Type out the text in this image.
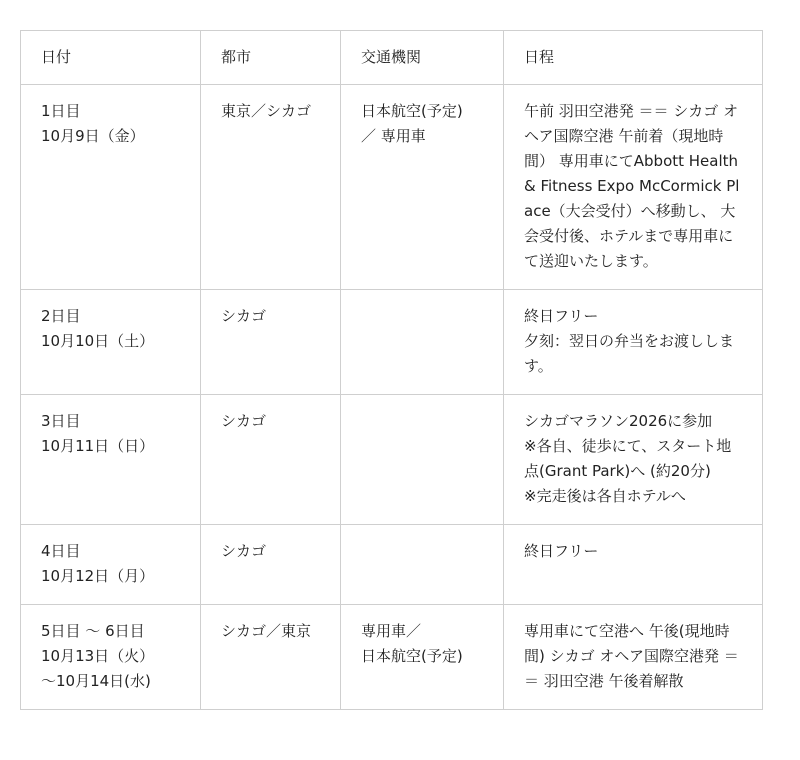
日付	都市	交通機関	日程

1日目
10月9日（金）	東京／シカゴ	日本航空(予定)
／ 専用車	午前 羽田空港発 ＝＝ シカゴ オヘア国際空港 午前着（現地時間） 専用車にてAbbott Health & Fitness Expo McCormick Place（大会受付）へ移動し、 大会受付後、ホテルまで専用車にて送迎いたします。

2日目
10月10日（土）	シカゴ		終日フリー
夕刻：翌日の弁当をお渡しします。

3日目
10月11日（日）	シカゴ		シカゴマラソン2026に参加
※各自、徒歩にて、スタート地点(Grant Park)へ (約20分)
※完走後は各自ホテルへ

4日目
10月12日（月）	シカゴ		終日フリー

5日目 〜 6日目
10月13日（火）
〜10月14日(水)	シカゴ／東京	専用車／
日本航空(予定)	専用車にて空港へ 午後(現地時間) シカゴ オヘア国際空港発 ＝＝ 羽田空港 午後着解散
